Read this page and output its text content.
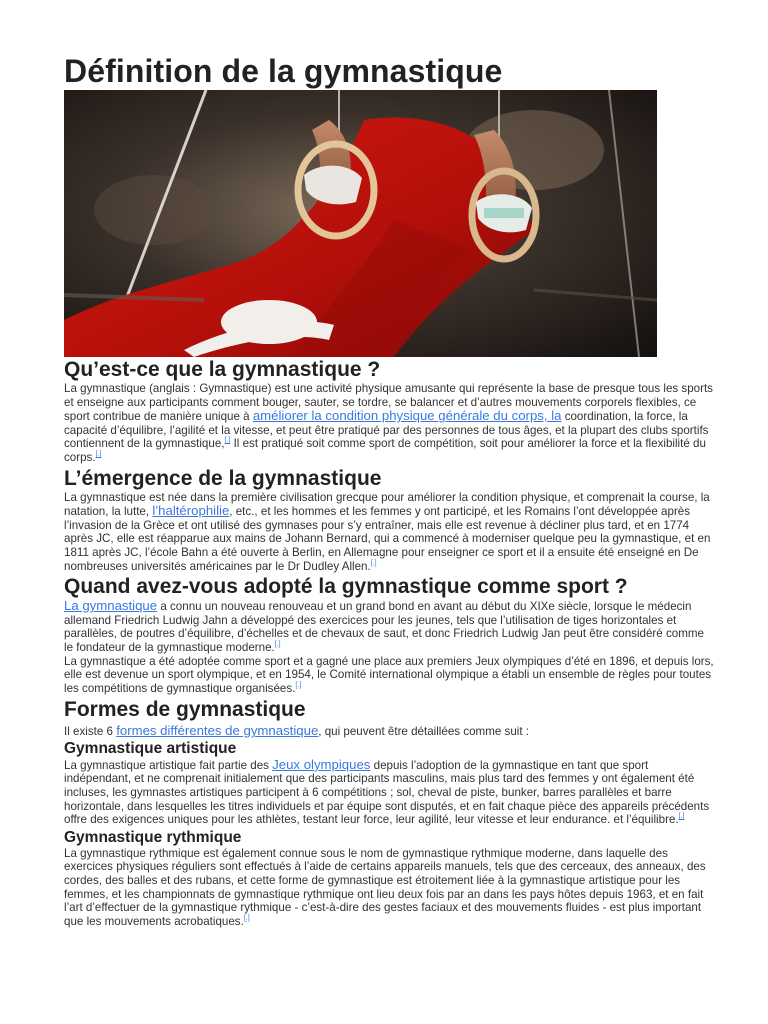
Définition de la gymnastique
Qu’est-ce que la gymnastique ?

La gymnastique (anglais : Gymnastique) est une activité physique amusante qui représente la base de presque tous les sports et enseigne aux participants comment bouger, sauter, se tordre, se balancer et d’autres mouvements corporels flexibles, ce sport contribue de manière unique à améliorer la condition physique générale du corps, la coordination, la force, la capacité d’équilibre, l’agilité et la vitesse, et peut être pratiqué par des personnes de tous âges, et la plupart des clubs sportifs contiennent de la gymnastique,[.] Il est pratiqué soit comme sport de compétition, soit pour améliorer la force et la flexibilité du corps.[.]

L’émergence de la gymnastique

La gymnastique est née dans la première civilisation grecque pour améliorer la condition physique, et comprenait la course, la natation, la lutte, l’haltérophilie, etc., et les hommes et les femmes y ont participé, et les Romains l’ont développée après l’invasion de la Grèce et ont utilisé des gymnases pour s’y entraîner, mais elle est revenue à décliner plus tard, et en 1774 après JC, elle est réapparue aux mains de Johann Bernard, qui a commencé à moderniser quelque peu la gymnastique, et en 1811 après JC, l’école Bahn a été ouverte à Berlin, en Allemagne pour enseigner ce sport et il a ensuite été enseigné en De nombreuses universités américaines par le Dr Dudley Allen.[.]

Quand avez-vous adopté la gymnastique comme sport ?

La gymnastique a connu un nouveau renouveau et un grand bond en avant au début du XIXe siècle, lorsque le médecin allemand Friedrich Ludwig Jahn a développé des exercices pour les jeunes, tels que l’utilisation de tiges horizontales et parallèles, de poutres d’équilibre, d’échelles et de chevaux de saut, et donc Friedrich Ludwig Jan peut être considéré comme le fondateur de la gymnastique moderne.[.]

La gymnastique a été adoptée comme sport et a gagné une place aux premiers Jeux olympiques d’été en 1896, et depuis lors, elle est devenue un sport olympique, et en 1954, le Comité international olympique a établi un ensemble de règles pour toutes les compétitions de gymnastique organisées.[.]

Formes de gymnastique

Il existe 6 formes différentes de gymnastique, qui peuvent être détaillées comme suit :

Gymnastique artistique

La gymnastique artistique fait partie des Jeux olympiques depuis l’adoption de la gymnastique en tant que sport indépendant, et ne comprenait initialement que des participants masculins, mais plus tard des femmes y ont également été incluses, les gymnastes artistiques participent à 6 compétitions ; sol, cheval de piste, bunker, barres parallèles et barre horizontale, dans lesquelles les titres individuels et par équipe sont disputés, et en fait chaque pièce des appareils précédents offre des exigences uniques pour les athlètes, testant leur force, leur agilité, leur vitesse et leur endurance. et l’équilibre.[.]

Gymnastique rythmique

La gymnastique rythmique est également connue sous le nom de gymnastique rythmique moderne, dans laquelle des exercices physiques réguliers sont effectués à l’aide de certains appareils manuels, tels que des cerceaux, des anneaux, des cordes, des balles et des rubans, et cette forme de gymnastique est étroitement liée à la gymnastique artistique pour les femmes, et les championnats de gymnastique rythmique ont lieu deux fois par an dans les pays hôtes depuis 1963, et en fait l’art d’effectuer de la gymnastique rythmique - c’est-à-dire des gestes faciaux et des mouvements fluides - est plus important que les mouvements acrobatiques.[.]
